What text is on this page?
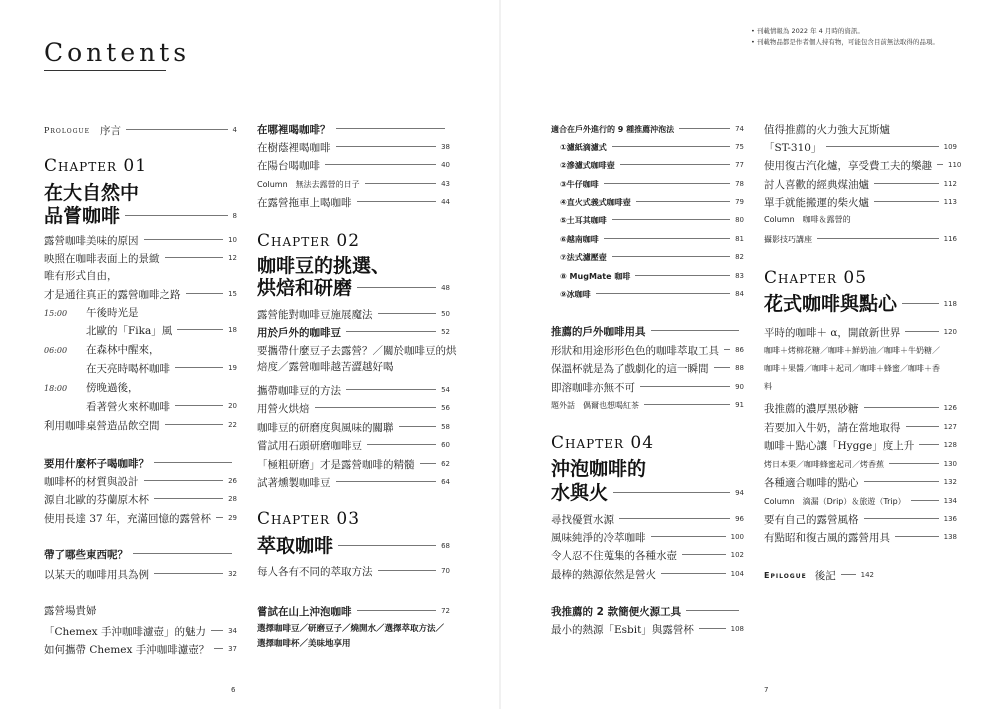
Contents
• 刊載情報為 2022 年 4 月時的資訊。
• 刊載物品都是作者個人持有物，可能包含目前無法取得的品項。
Prologue 序言	4
Chapter 01
在大自然中
品嘗咖啡	8
露營咖啡美味的原因	10
映照在咖啡表面上的景緻	12
唯有形式自由，
才是通往真正的露營咖啡之路	15
15:00 午後時光是
北歐的「Fika」風	18
06:00 在森林中醒來，
在天亮時喝杯咖啡	19
18:00 傍晚過後，
看著營火來杯咖啡	20
利用咖啡桌營造品飲空間	22
要用什麼杯子喝咖啡？
咖啡杯的材質與設計	26
源自北歐的芬蘭原木杯	28
使用長達 37 年，充滿回憶的露營杯 29
帶了哪些東西呢？
以某天的咖啡用具為例	32
露營場貴婦
「Chemex 手沖咖啡濾壺」的魅力	34
如何攜帶 Chemex 手沖咖啡濾壺？	37
6
在哪裡喝咖啡？
在樹蔭裡喝咖啡	38
在陽台喝咖啡	40
Column　無法去露營的日子	43
在露營拖車上喝咖啡	44
Chapter 02
咖啡豆的挑選、
烘焙和研磨	48
露營能對咖啡豆施展魔法	50
用於戶外的咖啡豆	52
要攜帶什麼豆子去露營？／關於咖啡豆的烘
焙度／露營咖啡越苦澀越好喝
攜帶咖啡豆的方法	54
用營火烘焙	56
咖啡豆的研磨度與風味的關聯	58
嘗試用石頭研磨咖啡豆	60
「極粗研磨」才是露營咖啡的精髓	62
試著燻製咖啡豆	64
Chapter 03
萃取咖啡	68
每人各有不同的萃取方法	70
嘗試在山上沖泡咖啡	72
選擇咖啡豆／研磨豆子／燒開水／選擇萃取方法／
選擇咖啡杯／美味地享用
適合在戶外進行的 9 種推薦沖泡法	74
①濾紙滴濾式	75
②滲濾式咖啡壺	77
③牛仔咖啡	78
④直火式義式咖啡壺	79
⑤土耳其咖啡	80
⑥越南咖啡	81
⑦法式濾壓壺	82
⑧ MugMate 咖啡	83
⑨冰咖啡	84
推薦的戶外咖啡用具
形狀和用途形形色色的咖啡萃取工具 86
保溫杯就是為了戲劇化的這一瞬間	88
即溶咖啡亦無不可	90
題外話　偶爾也想喝紅茶	91
Chapter 04
沖泡咖啡的
水與火	94
尋找優質水源	96
風味純淨的冷萃咖啡	100
令人忍不住蒐集的各種水壺	102
最棒的熱源依然是營火	104
我推薦的 2 款簡便火源工具
最小的熱源「Esbit」與露營杯	108
值得推薦的火力強大瓦斯爐
「ST-310」	109
使用復古汽化爐，享受費工夫的樂趣 110
討人喜歡的經典煤油爐	112
單手就能搬運的柴火爐	113
Column　咖啡＆露營的
攝影技巧講座	116
Chapter 05
花式咖啡與點心	118
平時的咖啡＋ α，開啟新世界	120
咖啡＋烤棉花糖／咖啡＋鮮奶油／咖啡＋牛奶糖／
咖啡＋果醬／咖啡＋起司／咖啡＋蜂蜜／咖啡＋香
料
我推薦的濃厚黑砂糖	126
若要加入牛奶，請在當地取得	127
咖啡＋點心讓「Hygge」度上升	128
烤日本栗／咖啡蜂蜜起司／烤香蕉	130
各種適合咖啡的點心	132
Column　滴漏（Drip）＆旅遊（Trip）	134
要有自己的露營風格	136
有點昭和復古風的露營用具	138
Epilogue 後記	142
7
